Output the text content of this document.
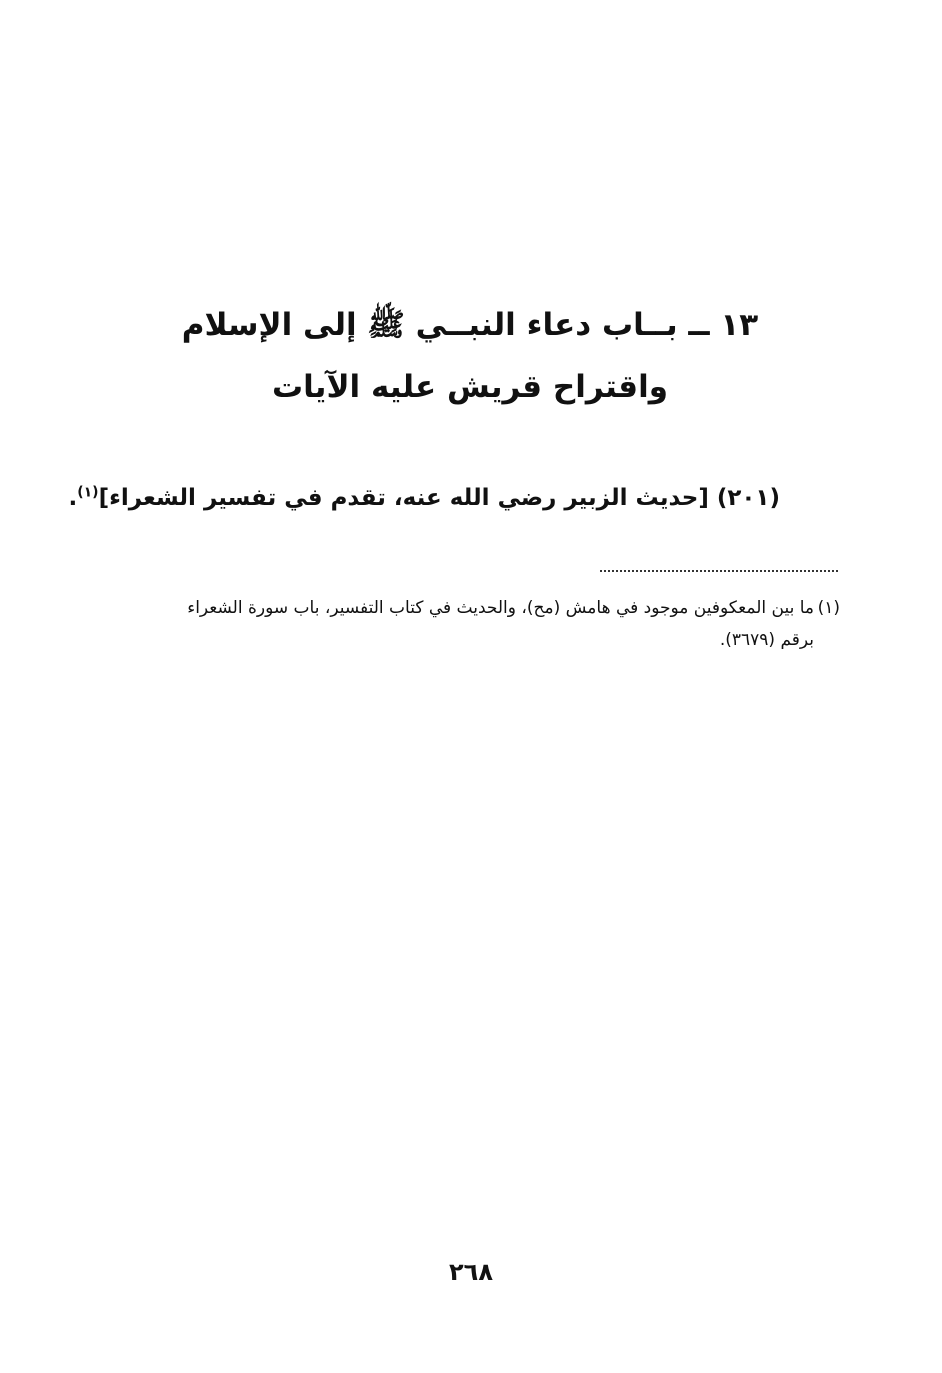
١٣ ــ بــاب دعاء النبــي ﷺ إلى الإسلام
واقتراح قريش عليه الآيات
(٢٠١) [حديث الزبير رضي الله عنه، تقدم في تفسير الشعراء]$^{(١)}$.
(١)ما بين المعكوفين موجود في هامش (مح)، والحديث في كتاب التفسير، باب سورة الشعراء
برقم (٣٦٧٩).
٢٦٨
